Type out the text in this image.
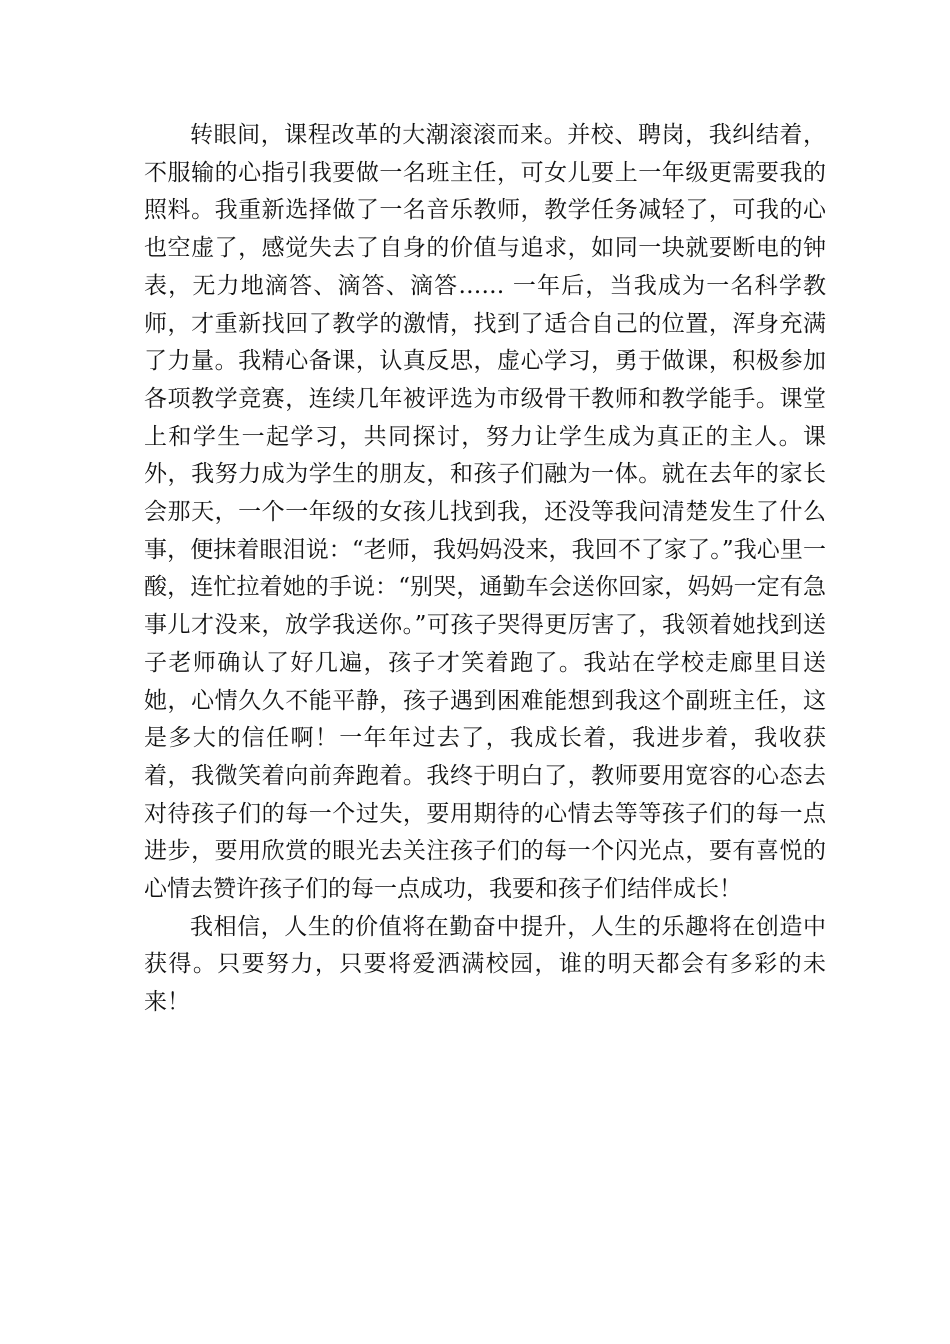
转眼间，课程改革的大潮滚滚而来。并校、聘岗，我纠结着，不服输的心指引我要做一名班主任，可女儿要上一年级更需要我的照料。我重新选择做了一名音乐教师，教学任务减轻了，可我的心也空虚了，感觉失去了自身的价值与追求，如同一块就要断电的钟表，无力地滴答、滴答、滴答…… 一年后，当我成为一名科学教师，才重新找回了教学的激情，找到了适合自己的位置，浑身充满了力量。我精心备课，认真反思，虚心学习，勇于做课，积极参加各项教学竞赛，连续几年被评选为市级骨干教师和教学能手。课堂上和学生一起学习，共同探讨，努力让学生成为真正的主人。课外，我努力成为学生的朋友，和孩子们融为一体。就在去年的家长会那天，一个一年级的女孩儿找到我，还没等我问清楚发生了什么事，便抹着眼泪说：“老师，我妈妈没来，我回不了家了。”我心里一酸，连忙拉着她的手说：“别哭，通勤车会送你回家，妈妈一定有急事儿才没来，放学我送你。”可孩子哭得更厉害了，我领着她找到送子老师确认了好几遍，孩子才笑着跑了。我站在学校走廊里目送她，心情久久不能平静，孩子遇到困难能想到我这个副班主任，这是多大的信任啊！一年年过去了，我成长着，我进步着，我收获着，我微笑着向前奔跑着。我终于明白了，教师要用宽容的心态去对待孩子们的每一个过失，要用期待的心情去等等孩子们的每一点进步，要用欣赏的眼光去关注孩子们的每一个闪光点，要有喜悦的心情去赞许孩子们的每一点成功，我要和孩子们结伴成长！

我相信，人生的价值将在勤奋中提升，人生的乐趣将在创造中获得。只要努力，只要将爱洒满校园，谁的明天都会有多彩的未来！
